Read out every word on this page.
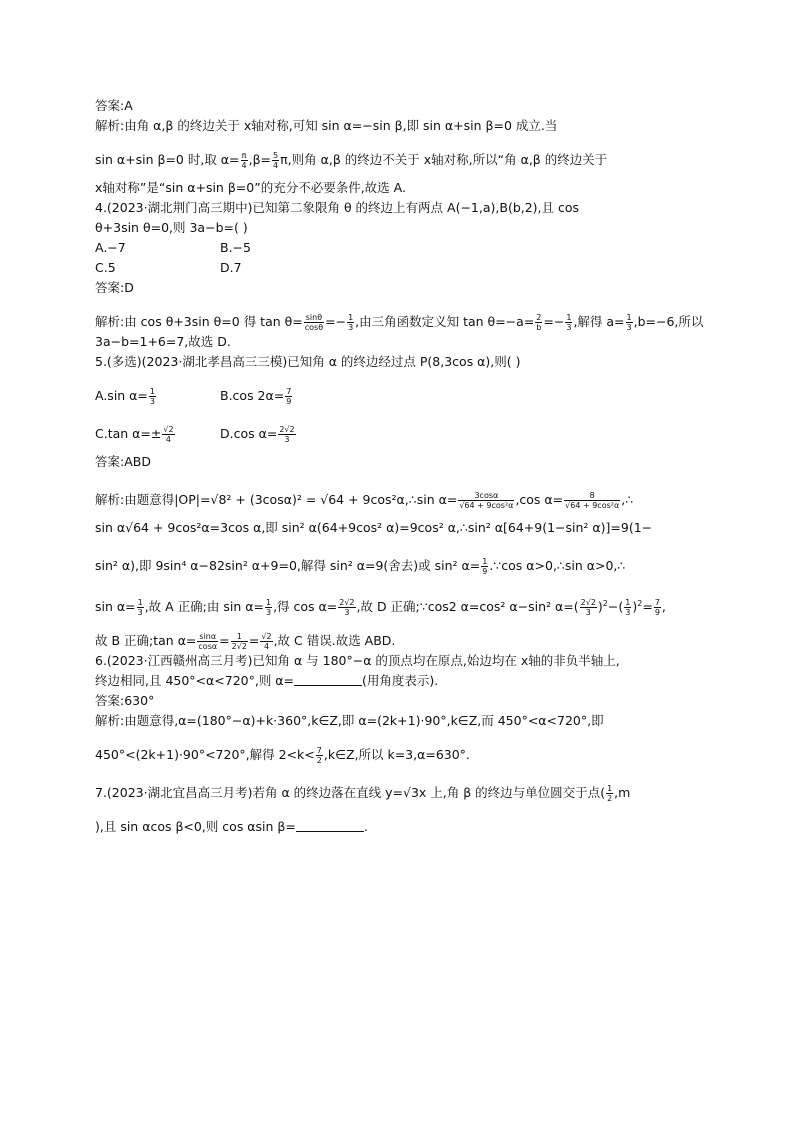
答案:A

解析:由角 α,β 的终边关于 x轴对称,可知 sin α=−sin β,即 sin α+sin β=0 成立.当

sin α+sin β=0 时,取 $\alpha= \frac{\pi}{4} ,\beta= \frac{5}{4} \pi$,则角 α,β 的终边不关于 x轴对称,所以“角 α,β 的终边关于

x轴对称”是“sin α+sin β=0”的充分不必要条件,故选 A.

4.(2023·湖北荆门高三期中)已知第二象限角 θ 的终边上有两点 A(−1,a),B(b,2),且 cos

θ+3sin θ=0,则 3a−b=( )

A.−7	B.−5

C.5	D.7

答案:D

解析:由 cos θ+3sin θ=0 得 $\tan \theta= \frac{\sin\theta}{\cos\theta} =- \frac{1}{3}$ ,由三角函数定义知 $\tan \theta=-a= \frac{2}{b} =- \frac{1}{3}$ ,解得 $a= \frac{1}{3} ,b=-6$,所以

3a−b=1+6=7,故选 D.

5.(多选)(2023·湖北孝昌高三三模)已知角 α 的终边经过点 P(8,3cos α),则( )

A.sin $\alpha= \frac{1}{3}$	B.cos $2\alpha= \frac{7}{9}$

C.tan $\alpha=\pm \frac{√2}{4}$	D.cos $\alpha= \frac{2√2}{3}$

答案:ABD

解析:由题意得|OP|=√8² + (3cosα)² = √64 + 9cos²α,∴sin $\alpha= \frac{3\cos\alpha}{\text{√64 + 9cos²α}} ,\cos$ $\alpha= \frac{8}{\text{√64 + 9cos²α}}$ ,∴

sin α√64 + 9cos²α=3cos α,即 sin² α(64+9cos² α)=9cos² α,∴sin² α[64+9(1−sin² α)]=9(1−

sin² α),即 9sin⁴ α−82sin² α+9=0,解得 sin² α=9(舍去)或 sin² $\alpha= \frac{1}{9}$ .∵cos α>0,∴sin α>0,∴

$\sin \alpha= \frac{1}{3}$ ,故 A 正确;由 $\sin \alpha= \frac{1}{3}$ ,得 $\cos \alpha= \frac{2√2}{3}$ ,故 D 正确;∵cos2 α=cos² α−sin² $\alpha=( \frac{2√2}{3} )^2-( \frac{1}{3} )^2= \frac{7}{9}$ ,

故 B 正确;tan $\alpha= \frac{\sin\alpha}{\cos\alpha} = \frac{1}{2√2} = \frac{√2}{4}$ ,故 C 错误.故选 ABD.

6.(2023·江西赣州高三月考)已知角 α 与 180°−α 的顶点均在原点,始边均在 x轴的非负半轴上,

终边相同,且 450°<α<720°,则 α=	(用角度表示).

答案:630°

解析:由题意得,α=(180°−α)+k·360°,k∈Z,即 α=(2k+1)·90°,k∈Z,而 450°<α<720°,即

450°<(2k+1)·90°<720°,解得 $2<k< \frac{7}{2}$ ,k∈Z,所以 k=3,α=630°.

7.(2023·湖北宜昌高三月考)若角 α 的终边落在直线 y=√3x 上,角 β 的终边与单位圆交于点( $\frac{1}{2} ,m$

),且 sin αcos β<0,则 cos αsin β=	.
